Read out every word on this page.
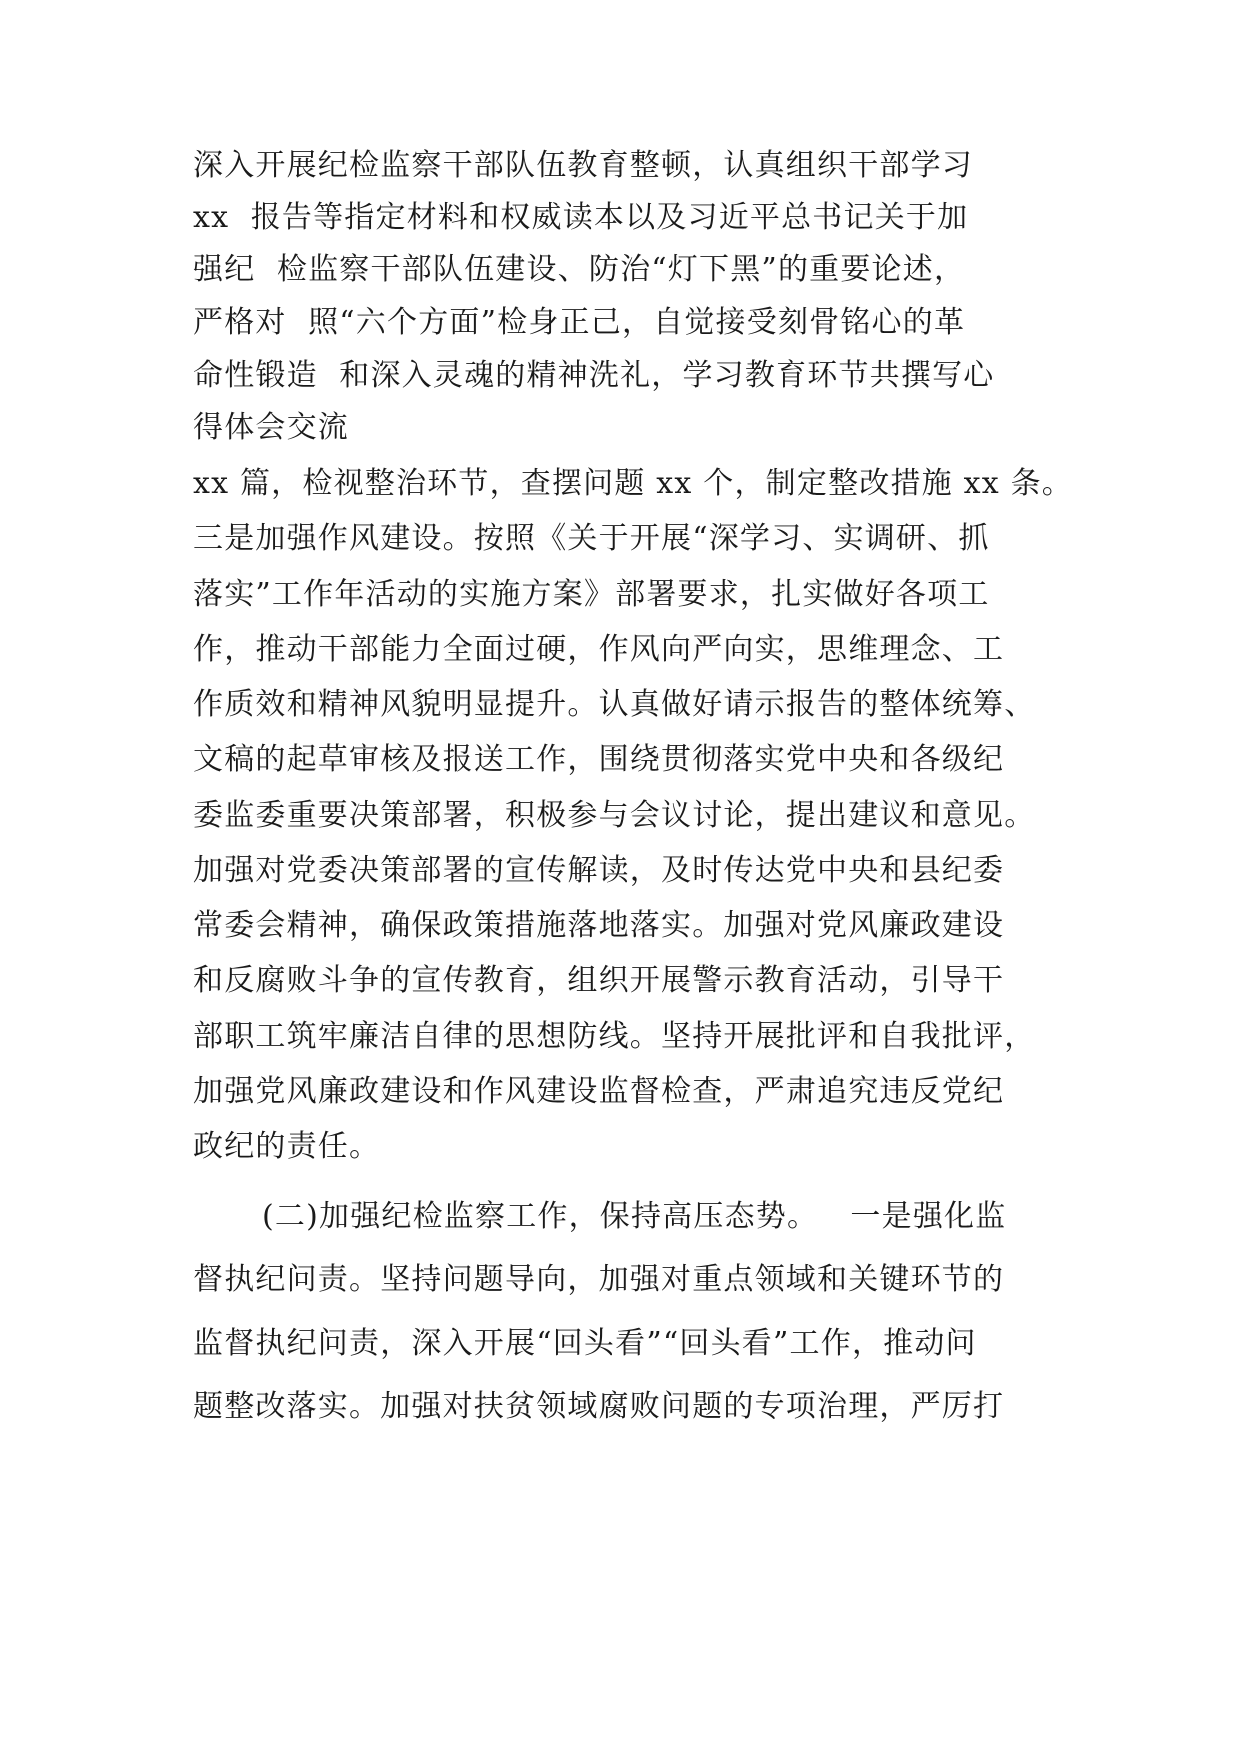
深入开展纪检监察干部队伍教育整顿，认真组织干部学习

xx  报告等指定材料和权威读本以及习近平总书记关于加

强纪  检监察干部队伍建设、防治“灯下黑”的重要论述，

严格对  照“六个方面”检身正己，自觉接受刻骨铭心的革

命性锻造  和深入灵魂的精神洗礼，学习教育环节共撰写心

得体会交流

xx 篇，检视整治环节，查摆问题 xx 个，制定整改措施 xx 条。

三是加强作风建设。按照《关于开展“深学习、实调研、抓

落实”工作年活动的实施方案》部署要求，扎实做好各项工

作，推动干部能力全面过硬，作风向严向实，思维理念、工

作质效和精神风貌明显提升。认真做好请示报告的整体统筹、

文稿的起草审核及报送工作，围绕贯彻落实党中央和各级纪

委监委重要决策部署，积极参与会议讨论，提出建议和意见。

加强对党委决策部署的宣传解读，及时传达党中央和县纪委

常委会精神，确保政策措施落地落实。加强对党风廉政建设

和反腐败斗争的宣传教育，组织开展警示教育活动，引导干

部职工筑牢廉洁自律的思想防线。坚持开展批评和自我批评，

加强党风廉政建设和作风建设监督检查，严肃追究违反党纪

政纪的责任。

(二)加强纪检监察工作，保持高压态势。   一是强化监

督执纪问责。坚持问题导向，加强对重点领域和关键环节的

监督执纪问责，深入开展“回头看”“回头看”工作，推动问

题整改落实。加强对扶贫领域腐败问题的专项治理，严厉打
